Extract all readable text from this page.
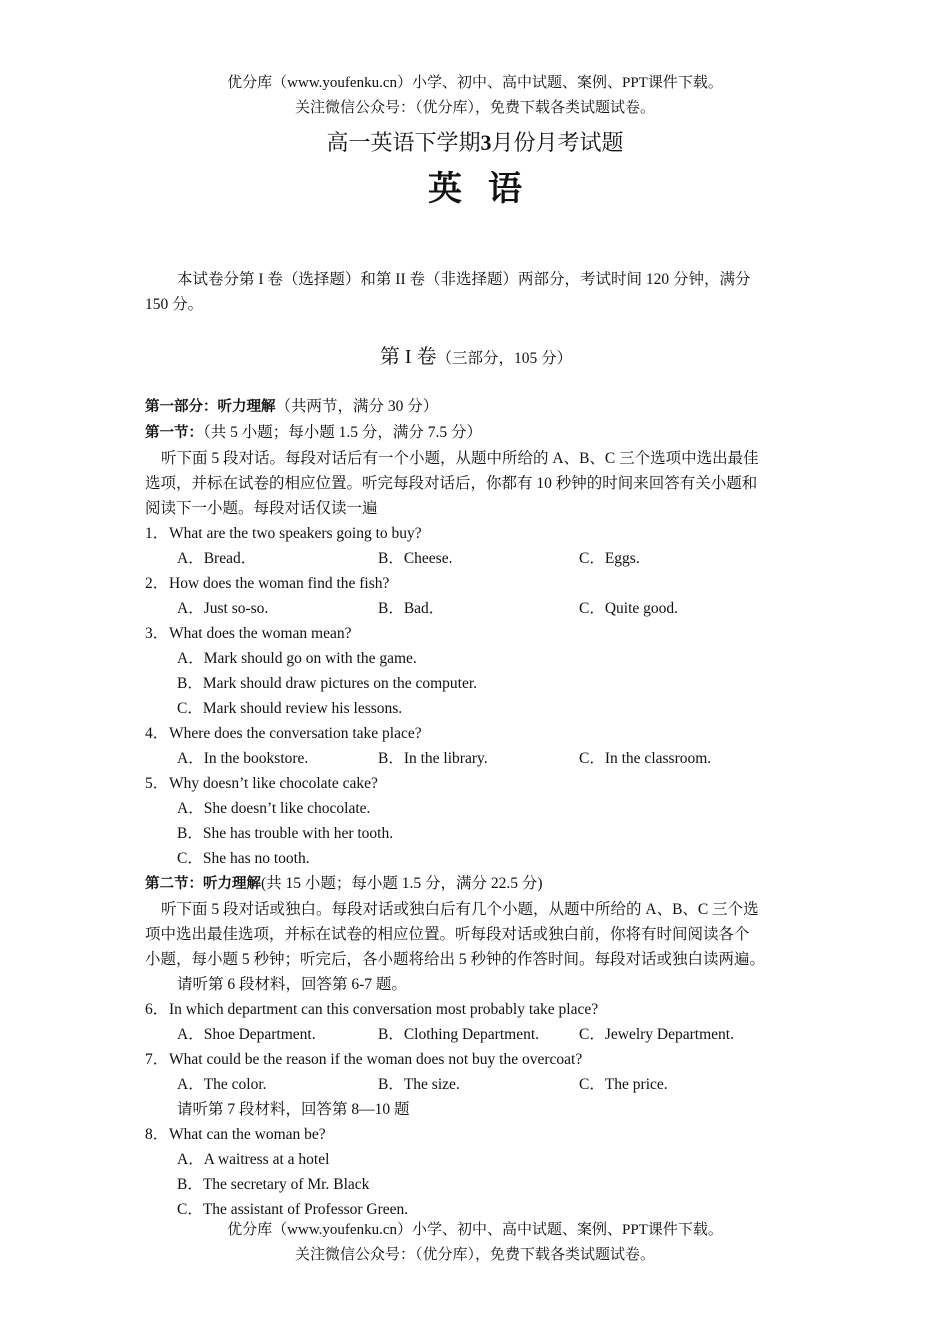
优分库（www.youfenku.cn）小学、初中、高中试题、案例、PPT课件下载。
关注微信公众号：（优分库），免费下载各类试题试卷。
高一英语下学期3月份月考试题
英语
本试卷分第 I 卷（选择题）和第 II 卷（非选择题）两部分，考试时间 120 分钟，满分
150 分。
第 I 卷（三部分，105 分）
第一部分：听力理解（共两节，满分 30 分）
第一节：（共 5 小题；每小题 1.5 分，满分 7.5 分）
听下面 5 段对话。每段对话后有一个小题，从题中所给的 A、B、C 三个选项中选出最佳
选项，并标在试卷的相应位置。听完每段对话后，你都有 10 秒钟的时间来回答有关小题和
阅读下一小题。每段对话仅读一遍
1． What are the two speakers going to buy?
A．Bread．	B．Cheese.	C．Eggs.
2． How does the woman find the fish?
A．Just so-so.	B．Bad．	C．Quite good.
3． What does the woman mean?
A．Mark should go on with the game.
B．Mark should draw pictures on the computer.
C．Mark should review his lessons.
4． Where does the conversation take place?
A．In the bookstore.	B．In the library.	C．In the classroom.
5． Why doesn’t like chocolate cake?
A．She doesn’t like chocolate.
B．She has trouble with her tooth.
C．She has no tooth.
第二节：听力理解(共 15 小题；每小题 1.5 分，满分 22.5 分)
听下面 5 段对话或独白。每段对话或独白后有几个小题，从题中所给的 A、B、C 三个选
项中选出最佳选项，并标在试卷的相应位置。听每段对话或独白前，你将有时间阅读各个
小题，每小题 5 秒钟；听完后，各小题将给出 5 秒钟的作答时间。每段对话或独白读两遍。
请听第 6 段材料，回答第 6-7 题。
6． In which department can this conversation most probably take place?
A．Shoe Department.	B．Clothing Department.	C．Jewelry Department.
7． What could be the reason if the woman does not buy the overcoat?
A．The color.	B．The size.	C．The price.
请听第 7 段材料，回答第 8—10 题
8． What can the woman be?
A．A waitress at a hotel
B．The secretary of Mr. Black
C．The assistant of Professor Green.
优分库（www.youfenku.cn）小学、初中、高中试题、案例、PPT课件下载。
关注微信公众号：（优分库），免费下载各类试题试卷。
